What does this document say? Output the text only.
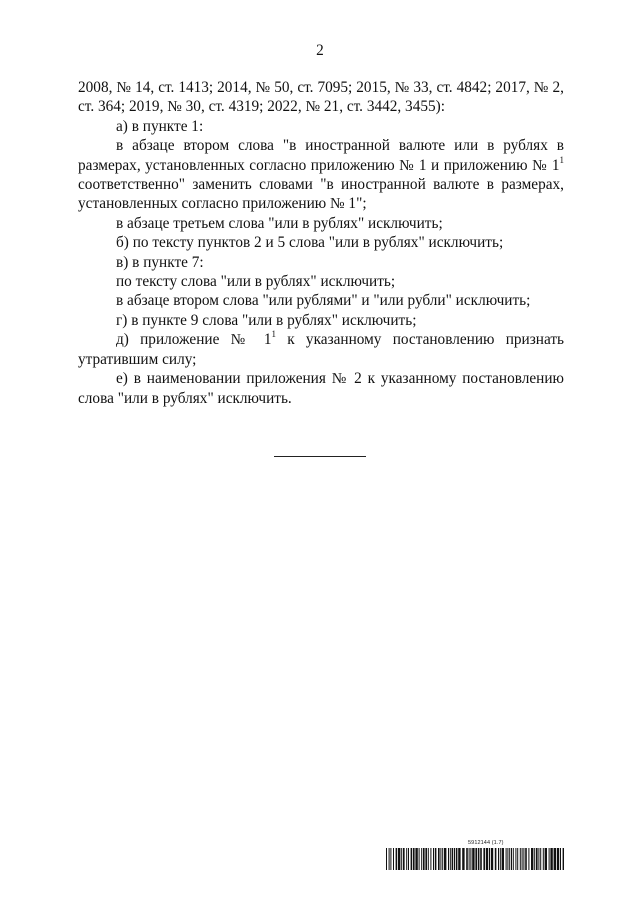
2

2008, № 14, ст. 1413; 2014, № 50, ст. 7095; 2015, № 33, ст. 4842; 2017, № 2, ст. 364; 2019, № 30, ст. 4319; 2022, № 21, ст. 3442, 3455):

а) в пункте 1:

в абзаце втором слова "в иностранной валюте или в рублях в размерах, установленных согласно приложению № 1 и приложению № $1^1$ соответственно" заменить словами "в иностранной валюте в размерах, установленных согласно приложению № 1";

в абзаце третьем слова "или в рублях" исключить;

б) по тексту пунктов 2 и 5 слова "или в рублях" исключить;

в) в пункте 7:

по тексту слова "или в рублях" исключить;

в абзаце втором слова "или рублями" и "или рубли" исключить;

г) в пункте 9 слова "или в рублях" исключить;

д) приложение № $1^1$ к указанному постановлению признать утратившим силу;

е) в наименовании приложения № 2 к указанному постановлению слова "или в рублях" исключить.

5912144 (1.7)
